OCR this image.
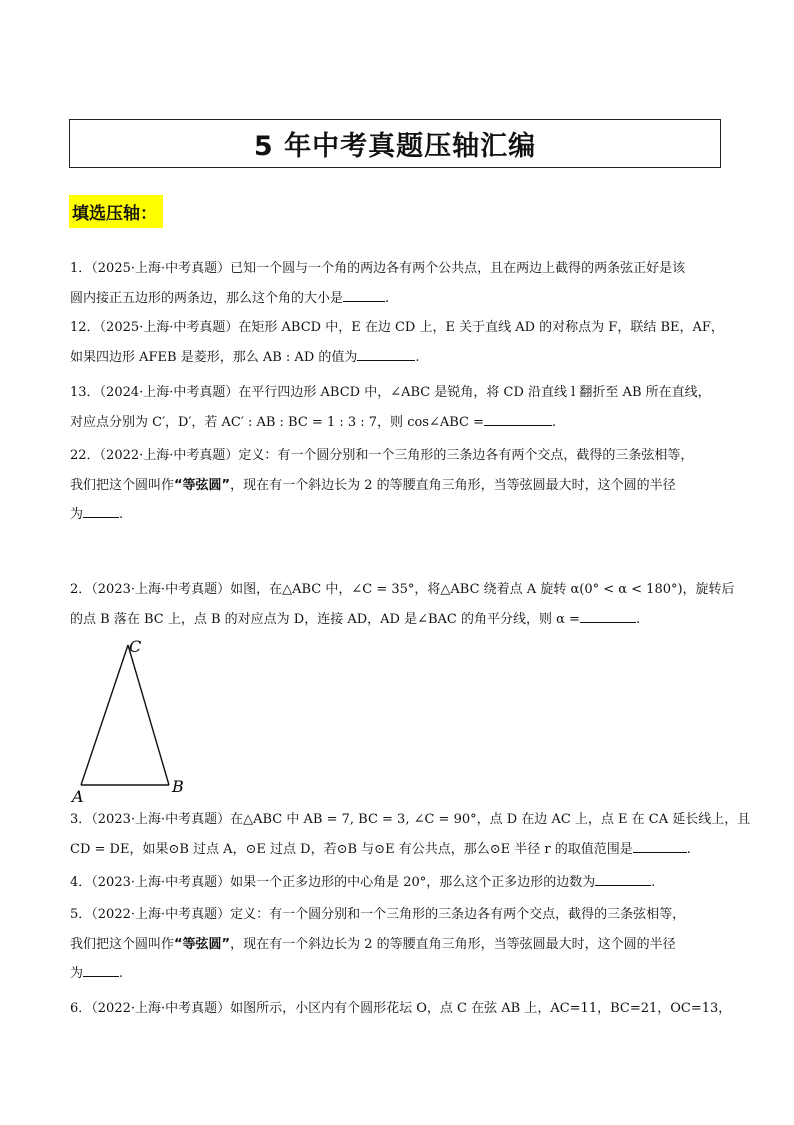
5 年中考真题压轴汇编
填选压轴：

1．（2025·上海·中考真题）已知一个圆与一个角的两边各有两个公共点，且在两边上截得的两条弦正好是该

圆内接正五边形的两条边，那么这个角的大小是	.

12．（2025·上海·中考真题）在矩形 ABCD 中，E 在边 CD 上，E 关于直线 AD 的对称点为 F，联结 BE，AF，

如果四边形 AFEB 是菱形，那么 AB : AD 的值为	.

13．（2024·上海·中考真题）在平行四边形 ABCD 中，∠ABC 是锐角，将 CD 沿直线 l 翻折至 AB 所在直线，

对应点分别为 C′，D′，若 AC′ : AB : BC = 1 : 3 : 7，则 cos∠ABC =	.

22．（2022·上海·中考真题）定义：有一个圆分别和一个三角形的三条边各有两个交点，截得的三条弦相等，

我们把这个圆叫作“等弦圆”，现在有一个斜边长为 2 的等腰直角三角形，当等弦圆最大时，这个圆的半径

为	.

2．（2023·上海·中考真题）如图，在△ABC 中，∠C = 35°，将△ABC 绕着点 A 旋转 α(0° < α < 180°)，旋转后

的点 B 落在 BC 上，点 B 的对应点为 D，连接 AD，AD 是∠BAC 的角平分线，则 α =	.

C
A
B

3．（2023·上海·中考真题）在△ABC 中 AB = 7, BC = 3, ∠C = 90°，点 D 在边 AC 上，点 E 在 CA 延长线上，且

CD = DE，如果⊙B 过点 A，⊙E 过点 D，若⊙B 与⊙E 有公共点，那么⊙E 半径 r 的取值范围是	.

4．（2023·上海·中考真题）如果一个正多边形的中心角是 20°，那么这个正多边形的边数为	.

5．（2022·上海·中考真题）定义：有一个圆分别和一个三角形的三条边各有两个交点，截得的三条弦相等，

我们把这个圆叫作“等弦圆”，现在有一个斜边长为 2 的等腰直角三角形，当等弦圆最大时，这个圆的半径

为	.

6．（2022·上海·中考真题）如图所示，小区内有个圆形花坛 O，点 C 在弦 AB 上，AC=11，BC=21，OC=13，
